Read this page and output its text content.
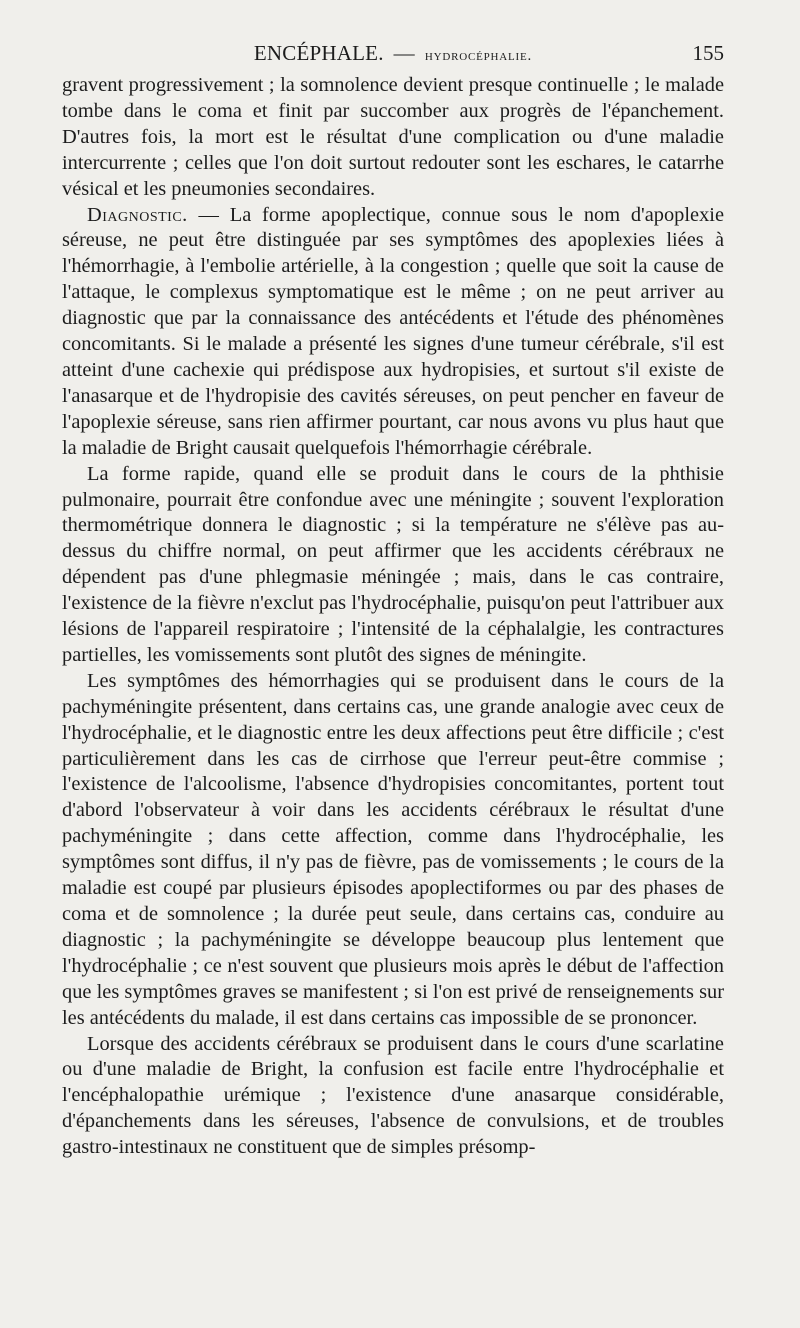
ENCÉPHALE. — hydrocéphalie.	155

gravent progressivement ; la somnolence devient presque continuelle ; le malade tombe dans le coma et finit par succomber aux progrès de l'épanchement. D'autres fois, la mort est le résultat d'une complication ou d'une maladie intercurrente ; celles que l'on doit surtout redouter sont les eschares, le catarrhe vésical et les pneumonies secondaires.

Diagnostic. — La forme apoplectique, connue sous le nom d'apoplexie séreuse, ne peut être distinguée par ses symptômes des apoplexies liées à l'hémorrhagie, à l'embolie artérielle, à la congestion ; quelle que soit la cause de l'attaque, le complexus symptomatique est le même ; on ne peut arriver au diagnostic que par la connaissance des antécédents et l'étude des phénomènes concomitants. Si le malade a présenté les signes d'une tumeur cérébrale, s'il est atteint d'une cachexie qui prédispose aux hydropisies, et surtout s'il existe de l'anasarque et de l'hydropisie des cavités séreuses, on peut pencher en faveur de l'apoplexie séreuse, sans rien affirmer pourtant, car nous avons vu plus haut que la maladie de Bright causait quelquefois l'hémorrhagie cérébrale.

La forme rapide, quand elle se produit dans le cours de la phthisie pulmonaire, pourrait être confondue avec une méningite ; souvent l'exploration thermométrique donnera le diagnostic ; si la température ne s'élève pas au-dessus du chiffre normal, on peut affirmer que les accidents cérébraux ne dépendent pas d'une phlegmasie méningée ; mais, dans le cas contraire, l'existence de la fièvre n'exclut pas l'hydrocéphalie, puisqu'on peut l'attribuer aux lésions de l'appareil respiratoire ; l'intensité de la céphalalgie, les contractures partielles, les vomissements sont plutôt des signes de méningite.

Les symptômes des hémorrhagies qui se produisent dans le cours de la pachyméningite présentent, dans certains cas, une grande analogie avec ceux de l'hydrocéphalie, et le diagnostic entre les deux affections peut être difficile ; c'est particulièrement dans les cas de cirrhose que l'erreur peut-être commise ; l'existence de l'alcoolisme, l'absence d'hydropisies concomitantes, portent tout d'abord l'observateur à voir dans les accidents cérébraux le résultat d'une pachyméningite ; dans cette affection, comme dans l'hydrocéphalie, les symptômes sont diffus, il n'y pas de fièvre, pas de vomissements ; le cours de la maladie est coupé par plusieurs épisodes apoplectiformes ou par des phases de coma et de somnolence ; la durée peut seule, dans certains cas, conduire au diagnostic ; la pachyméningite se développe beaucoup plus lentement que l'hydrocéphalie ; ce n'est souvent que plusieurs mois après le début de l'affection que les symptômes graves se manifestent ; si l'on est privé de renseignements sur les antécédents du malade, il est dans certains cas impossible de se prononcer.

Lorsque des accidents cérébraux se produisent dans le cours d'une scarlatine ou d'une maladie de Bright, la confusion est facile entre l'hydrocéphalie et l'encéphalopathie urémique ; l'existence d'une anasarque considérable, d'épanchements dans les séreuses, l'absence de convulsions, et de troubles gastro-intestinaux ne constituent que de simples présomp-
